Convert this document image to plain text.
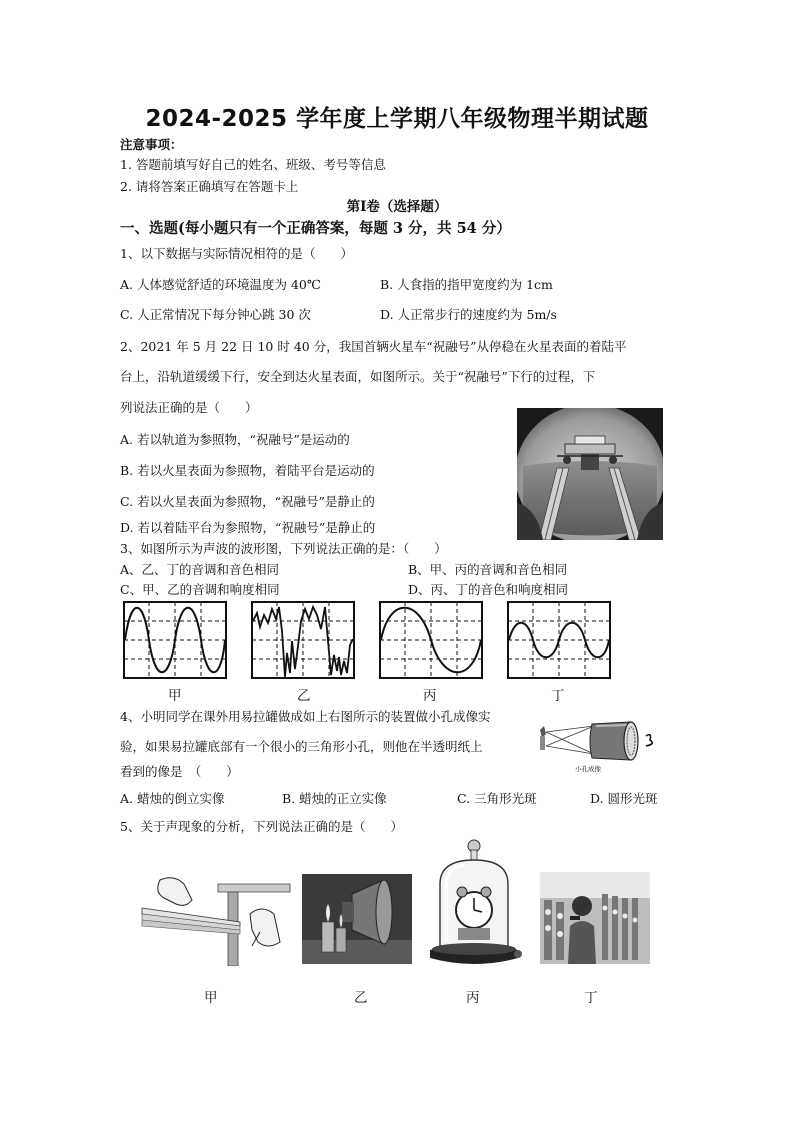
2024-2025 学年度上学期八年级物理半期试题
注意事项：
1. 答题前填写好自己的姓名、班级、考号等信息
2. 请将答案正确填写在答题卡上
第Ⅰ卷（选择题）
一、选题(每小题只有一个正确答案，每题 3 分，共 54 分）
1、以下数据与实际情况相符的是（　　）
A. 人体感觉舒适的环境温度为 40℃	B. 人食指的指甲宽度约为 1cm
C. 人正常情况下每分钟心跳 30 次	D. 人正常步行的速度约为 5m/s
2、2021 年 5 月 22 日 10 时 40 分，我国首辆火星车“祝融号”从停稳在火星表面的着陆平
台上，沿轨道缓缓下行，安全到达火星表面，如图所示。关于“祝融号”下行的过程，下
列说法正确的是（　　）
A. 若以轨道为参照物，“祝融号”是运动的
B. 若以火星表面为参照物，着陆平台是运动的
C. 若以火星表面为参照物，“祝融号”是静止的
D. 若以着陆平台为参照物，“祝融号”是静止的
3、如图所示为声波的波形图，下列说法正确的是：（　　）
A、乙、丁的音调和音色相同	B、甲、丙的音调和音色相同
C、甲、乙的音调和响度相同	D、丙、丁的音色和响度相同
甲	乙	丙	丁
4、小明同学在课外用易拉罐做成如上右图所示的装置做小孔成像实
验，如果易拉罐底部有一个很小的三角形小孔，则他在半透明纸上
看到的像是　（　　）	小孔成像
A. 蜡烛的倒立实像	B. 蜡烛的正立实像	C. 三角形光斑	D. 圆形光斑
5、关于声现象的分析，下列说法正确的是（　　）
甲	乙	丙	丁
